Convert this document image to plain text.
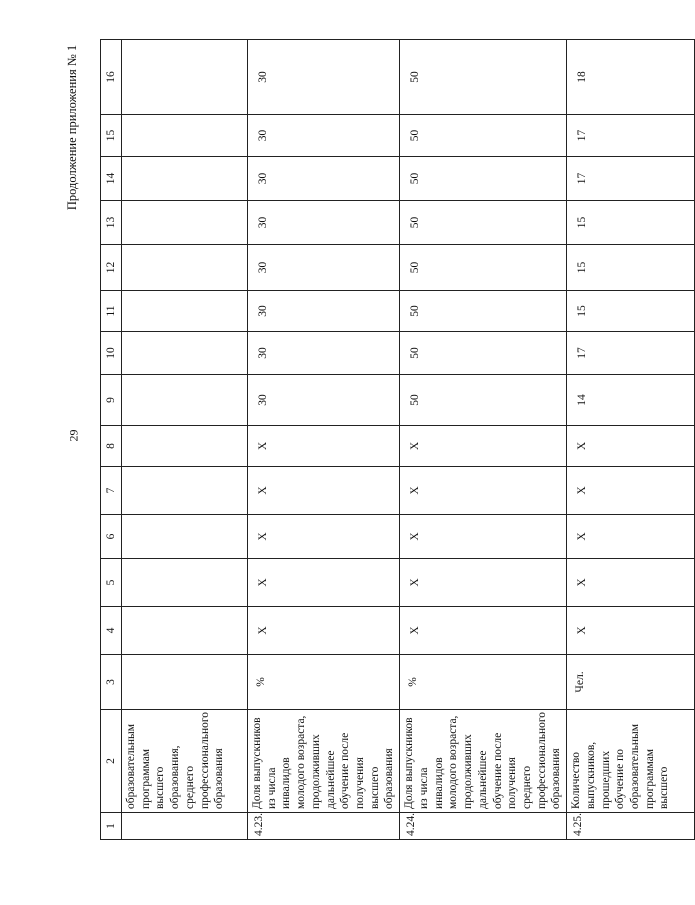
29
Продолжение приложения № 1
1	2	3	4	5	6	7	8	9	10	11	12	13	14	15	16
	образовательным программам высшего образования, среднего профессионального образования														
4.23.	Доля выпускников из числа инвалидов молодого возраста, продолживших дальнейшее обучение после получения высшего образования	%	Х	Х	Х	Х	Х	30	30	30	30	30	30	30	30
4.24.	Доля выпускников из числа инвалидов молодого возраста, продолживших дальнейшее обучение после получения среднего профессионального образования	%	Х	Х	Х	Х	Х	50	50	50	50	50	50	50	50
4.25.	Количество выпускников, прошедших обучение по образовательным программам высшего	Чел.	Х	Х	Х	Х	Х	14	17	15	15	15	17	17	18
